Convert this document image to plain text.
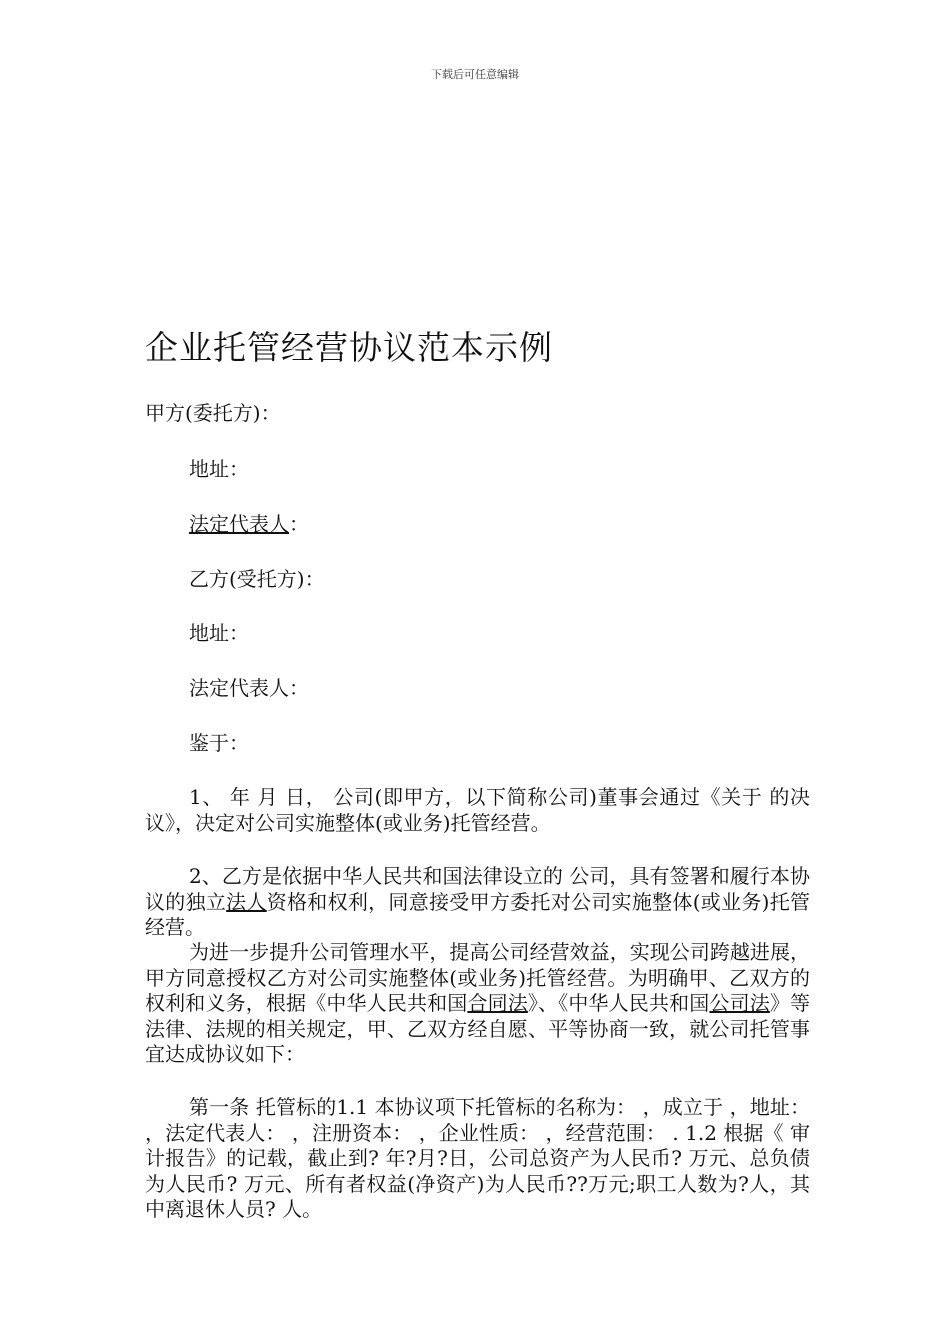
下载后可任意编辑
企业托管经营协议范本示例
甲方(委托方)：
地址：
法定代表人：
乙方(受托方)：
地址：
法定代表人：
鉴于：

1、 年 月 日， 公司(即甲方，以下简称公司)董事会通过《关于 的决议》，决定对公司实施整体(或业务)托管经营。

2、乙方是依据中华人民共和国法律设立的 公司，具有签署和履行本协议的独立法人资格和权利，同意接受甲方委托对公司实施整体(或业务)托管经营。

为进一步提升公司管理水平，提高公司经营效益，实现公司跨越进展，甲方同意授权乙方对公司实施整体(或业务)托管经营。为明确甲、乙双方的权利和义务，根据《中华人民共和国合同法》、《中华人民共和国公司法》等法律、法规的相关规定，甲、乙双方经自愿、平等协商一致，就公司托管事宜达成协议如下：

第一条 托管标的1.1 本协议项下托管标的名称为： ，成立于 ，地址： ，法定代表人： ，注册资本： ，企业性质： ，经营范围： . 1.2 根据《 审计报告》的记载，截止到? 年?月?日，公司总资产为人民币? 万元、总负债为人民币? 万元、所有者权益(净资产)为人民币??万元;职工人数为?人，其中离退休人员? 人。
